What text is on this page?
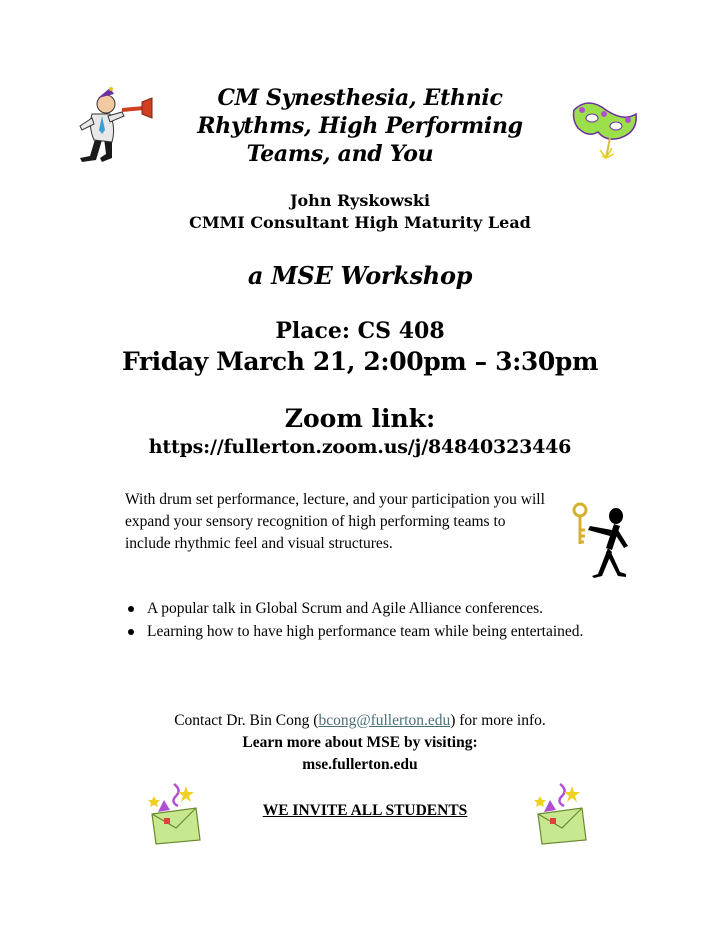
CM Synesthesia, Ethnic
Rhythms, High Performing
Teams, and You
John Ryskowski
CMMI Consultant High Maturity Lead
a MSE Workshop
Place: CS 408
Friday March 21, 2:00pm – 3:30pm
Zoom link:
https://fullerton.zoom.us/j/84840323446
With drum set performance, lecture, and your participation you will expand your sensory recognition of high performing teams to include rhythmic feel and visual structures.
A popular talk in Global Scrum and Agile Alliance conferences.
Learning how to have high performance team while being entertained.
Contact Dr. Bin Cong (bcong@fullerton.edu) for more info.
Learn more about MSE by visiting:
mse.fullerton.edu
WE INVITE ALL STUDENTS
